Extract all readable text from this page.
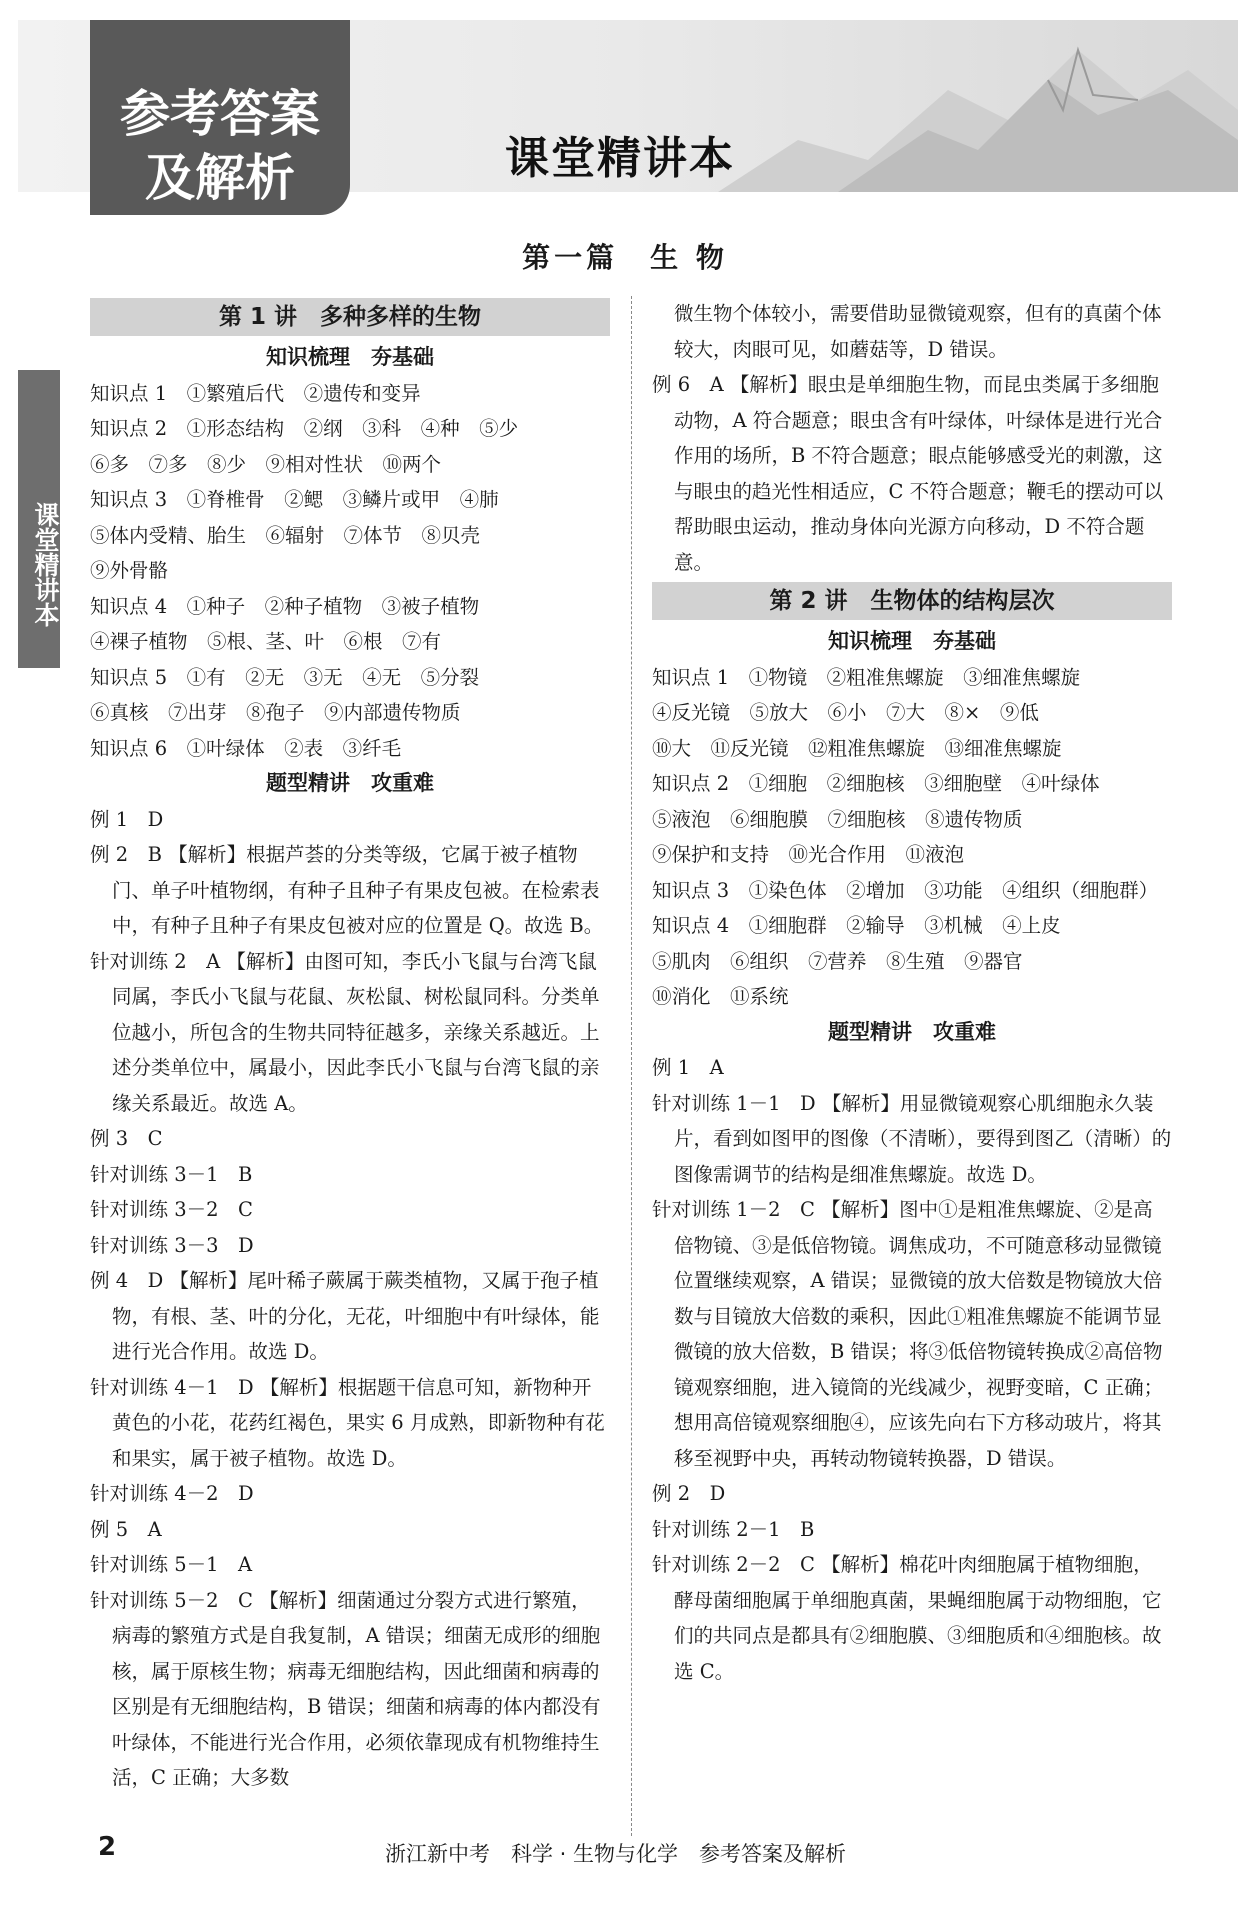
参考答案
及解析	课堂精讲本
课堂精讲本
第一篇　生 物
第 1 讲　多种多样的生物
知识梳理　夯基础

知识点 1　①繁殖后代　②遗传和变异

知识点 2　①形态结构　②纲　③科　④种　⑤少

⑥多　⑦多　⑧少　⑨相对性状　⑩两个

知识点 3　①脊椎骨　②鳃　③鳞片或甲　④肺

⑤体内受精、胎生　⑥辐射　⑦体节　⑧贝壳

⑨外骨骼

知识点 4　①种子　②种子植物　③被子植物

④裸子植物　⑤根、茎、叶　⑥根　⑦有

知识点 5　①有　②无　③无　④无　⑤分裂

⑥真核　⑦出芽　⑧孢子　⑨内部遗传物质

知识点 6　①叶绿体　②表　③纤毛

题型精讲　攻重难

例 1　D

例 2　B 【解析】根据芦荟的分类等级，它属于被子植物门、单子叶植物纲，有种子且种子有果皮包被。在检索表中，有种子且种子有果皮包被对应的位置是 Q。故选 B。

针对训练 2　A 【解析】由图可知，李氏小飞鼠与台湾飞鼠同属，李氏小飞鼠与花鼠、灰松鼠、树松鼠同科。分类单位越小，所包含的生物共同特征越多，亲缘关系越近。上述分类单位中，属最小，因此李氏小飞鼠与台湾飞鼠的亲缘关系最近。故选 A。

例 3　C

针对训练 3－1　B

针对训练 3－2　C

针对训练 3－3　D

例 4　D 【解析】尾叶稀子蕨属于蕨类植物，又属于孢子植物，有根、茎、叶的分化，无花，叶细胞中有叶绿体，能进行光合作用。故选 D。

针对训练 4－1　D 【解析】根据题干信息可知，新物种开黄色的小花，花药红褐色，果实 6 月成熟，即新物种有花和果实，属于被子植物。故选 D。

针对训练 4－2　D

例 5　A

针对训练 5－1　A

针对训练 5－2　C 【解析】细菌通过分裂方式进行繁殖，病毒的繁殖方式是自我复制，A 错误；细菌无成形的细胞核，属于原核生物；病毒无细胞结构，因此细菌和病毒的区别是有无细胞结构，B 错误；细菌和病毒的体内都没有叶绿体，不能进行光合作用，必须依靠现成有机物维持生活，C 正确；大多数

微生物个体较小，需要借助显微镜观察，但有的真菌个体较大，肉眼可见，如蘑菇等，D 错误。

例 6　A 【解析】眼虫是单细胞生物，而昆虫类属于多细胞动物，A 符合题意；眼虫含有叶绿体，叶绿体是进行光合作用的场所，B 不符合题意；眼点能够感受光的刺激，这与眼虫的趋光性相适应，C 不符合题意；鞭毛的摆动可以帮助眼虫运动，推动身体向光源方向移动，D 不符合题意。

第 2 讲　生物体的结构层次
知识梳理　夯基础

知识点 1　①物镜　②粗准焦螺旋　③细准焦螺旋

④反光镜　⑤放大　⑥小　⑦大　⑧×　⑨低

⑩大　⑪反光镜　⑫粗准焦螺旋　⑬细准焦螺旋

知识点 2　①细胞　②细胞核　③细胞壁　④叶绿体

⑤液泡　⑥细胞膜　⑦细胞核　⑧遗传物质

⑨保护和支持　⑩光合作用　⑪液泡

知识点 3　①染色体　②增加　③功能　④组织（细胞群）

知识点 4　①细胞群　②输导　③机械　④上皮

⑤肌肉　⑥组织　⑦营养　⑧生殖　⑨器官

⑩消化　⑪系统

题型精讲　攻重难

例 1　A

针对训练 1－1　D 【解析】用显微镜观察心肌细胞永久装片，看到如图甲的图像（不清晰），要得到图乙（清晰）的图像需调节的结构是细准焦螺旋。故选 D。

针对训练 1－2　C 【解析】图中①是粗准焦螺旋、②是高倍物镜、③是低倍物镜。调焦成功，不可随意移动显微镜位置继续观察，A 错误；显微镜的放大倍数是物镜放大倍数与目镜放大倍数的乘积，因此①粗准焦螺旋不能调节显微镜的放大倍数，B 错误；将③低倍物镜转换成②高倍物镜观察细胞，进入镜筒的光线减少，视野变暗，C 正确；想用高倍镜观察细胞④，应该先向右下方移动玻片，将其移至视野中央，再转动物镜转换器，D 错误。

例 2　D

针对训练 2－1　B

针对训练 2－2　C 【解析】棉花叶肉细胞属于植物细胞，酵母菌细胞属于单细胞真菌，果蝇细胞属于动物细胞，它们的共同点是都具有②细胞膜、③细胞质和④细胞核。故选 C。

2	浙江新中考　科学 · 生物与化学　参考答案及解析
